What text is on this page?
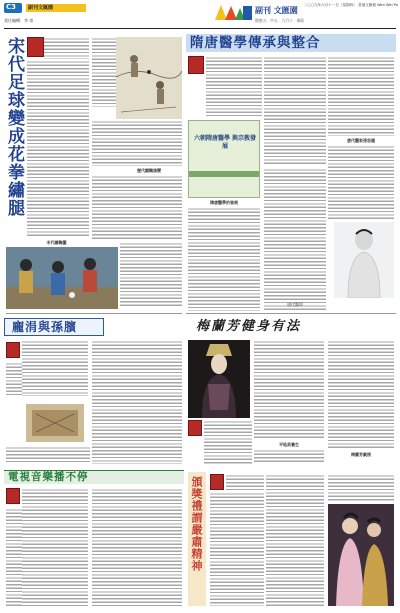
C3	副刊文匯園
責任編輯：李 豪
副刊 文匯園	二○○九年六月十一日（星期四） 香港文匯報 Wen Wei Po
隋唐五．中五．九月十．郵政
宋代足球變成花拳繡腿	歷代蹴鞠演變
宋代蹴鞠圖
隋唐醫學傳承與整合
六朝隋唐醫學 與宗教發展
隋唐醫學的發展
唐代醫家孫思邈
唐代醫學
龐涓與孫臏
電視音樂播不停
梅蘭芳健身有法
平地美養生
梅蘭芳劇照
頒獎禮謂嚴肅精神
